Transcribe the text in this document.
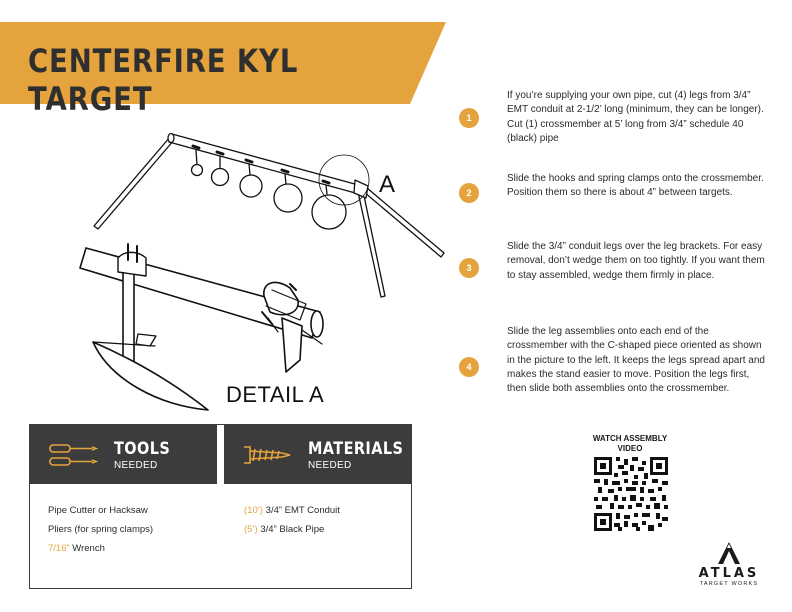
CENTERFIRE KYL TARGET
A
DETAIL A
1

If you’re supplying your own pipe, cut (4) legs from 3/4” EMT conduit at 2-1/2’ long (minimum, they can be longer). Cut (1) crossmember at 5’ long from 3/4” schedule 40 (black) pipe

2

Slide the hooks and spring clamps onto the crossmember. Position them so there is about 4” between targets.

3

Slide the 3/4” conduit legs over the leg brackets. For easy removal, don’t wedge them on too tightly. If you want them to stay assembled, wedge them firmly in place.

4

Slide the leg assemblies onto each end of the crossmember with the C-shaped piece oriented as shown in the picture to the left. It keeps the legs spread apart and makes the stand easier to move. Position the legs first, then slide both assemblies onto the crossmember.

TOOLS
NEEDED
MATERIALS
NEEDED
Pipe Cutter or Hacksaw
Pliers (for spring clamps)
7/16” Wrench
(10’) 3/4” EMT Conduit
(5’) 3/4” Black Pipe

WATCH ASSEMBLY VIDEO

ATLAS

TARGET WORKS
